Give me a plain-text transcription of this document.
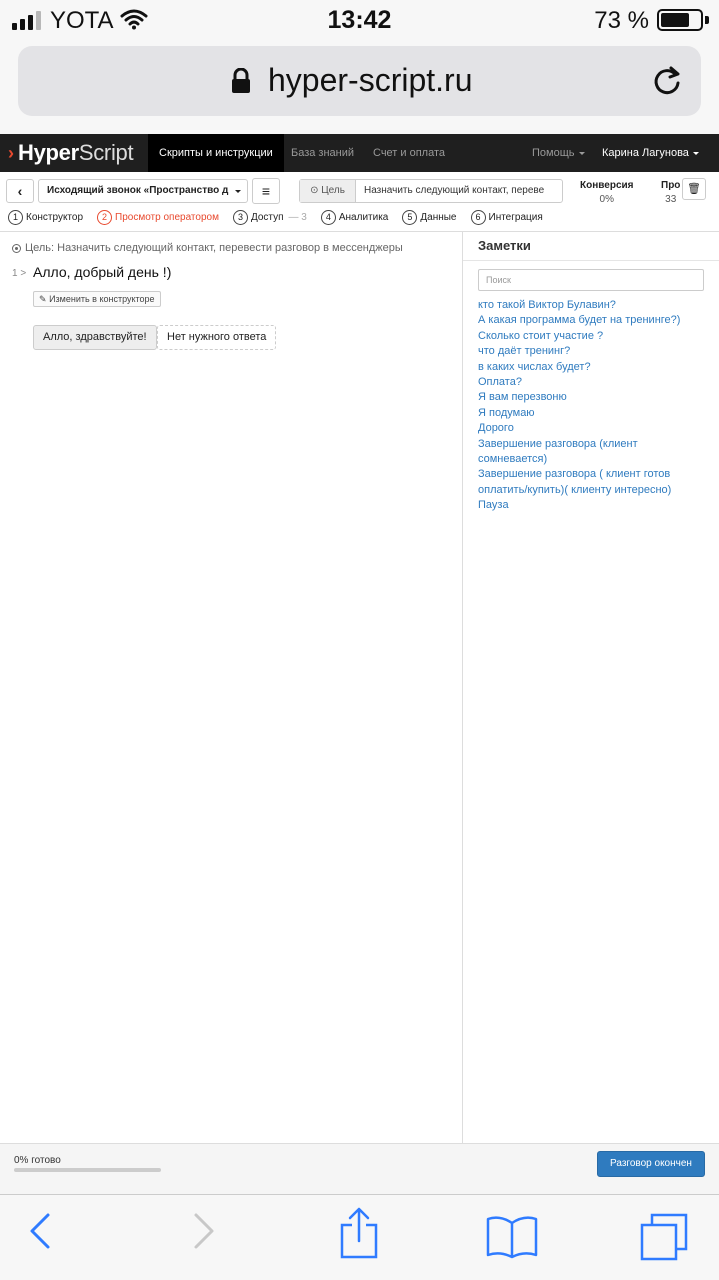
YOTA	13:42	73 %
hyper-script.ru
› HyperScript	Скрипты и инструкции	База знаний Счет и оплата	Помощь	Карина Лагунова
‹	Исходящий звонок «Пространство д	≡	⊙ Цель	Назначить следующий контакт, переве	Конверсия
0%
Про
33
🗑
1 Конструктор	2 Просмотр оператором	3 Доступ — 3	4 Аналитика	5 Данные	6 Интеграция
Цель: Назначить следующий контакт, перевести разговор в мессенджеры
1 > Алло, добрый день !)
✎ Изменить в конструкторе
Алло, здравствуйте!	Нет нужного ответа
Заметки
Поиск
кто такой Виктор Булавин?
А какая программа будет на тренинге?)
Сколько стоит участие ?
что даёт тренинг?
в каких числах будет?
Оплата?
Я вам перезвоню
Я подумаю
Дорого
Завершение разговора (клиент сомневается)
Завершение разговора ( клиент готов оплатить/купить)( клиенту интересно)
Пауза
0% готово	Разговор окончен
